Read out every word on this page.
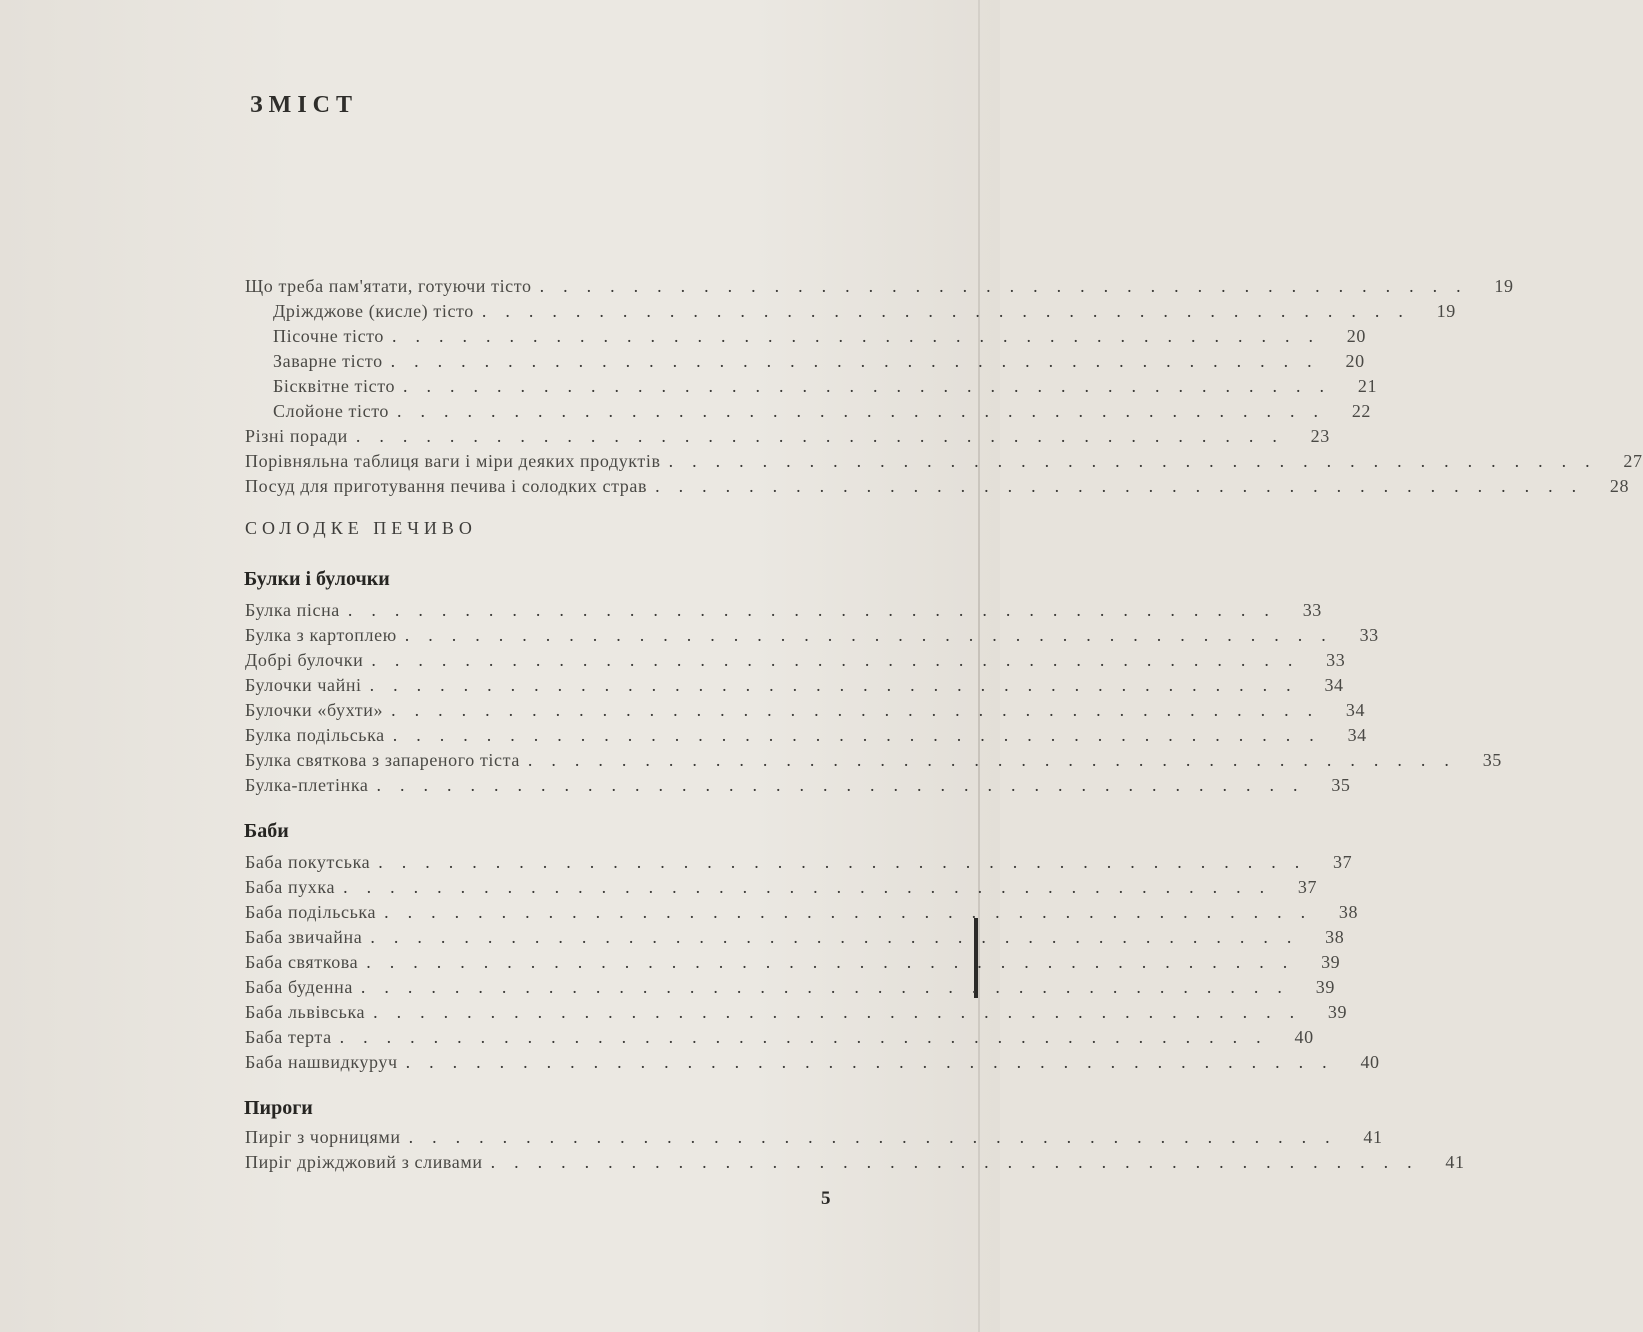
ЗМІСТ
Що треба пам'ятати, готуючи тісто ........................................ 19
Дріжджове (кисле) тісто ........................................ 19
Пісочне тісто ........................................ 20
Заварне тісто ........................................ 20
Бісквітне тісто ........................................ 21
Слойоне тісто ........................................ 22
Різні поради ........................................ 23
Порівняльна таблиця ваги і міри деяких продуктів ........................................ 27
Посуд для приготування печива і солодких страв ........................................ 28
СОЛОДКЕ ПЕЧИВО
Булки і булочки
Булка пісна ........................................ 33
Булка з картоплею ........................................ 33
Добрі булочки ........................................ 33
Булочки чайні ........................................ 34
Булочки «бухти» ........................................ 34
Булка подільська ........................................ 34
Булка святкова з запареного тіста ........................................ 35
Булка-плетінка ........................................ 35
Баби
Баба покутська ........................................ 37
Баба пухка ........................................ 37
Баба подільська ........................................ 38
Баба звичайна ........................................ 38
Баба святкова ........................................ 39
Баба буденна ........................................ 39
Баба львівська ........................................ 39
Баба терта ........................................ 40
Баба нашвидкуруч ........................................ 40
Пироги
Пиріг з чорницями ........................................ 41
Пиріг дріжджовий з сливами ........................................ 41
5
